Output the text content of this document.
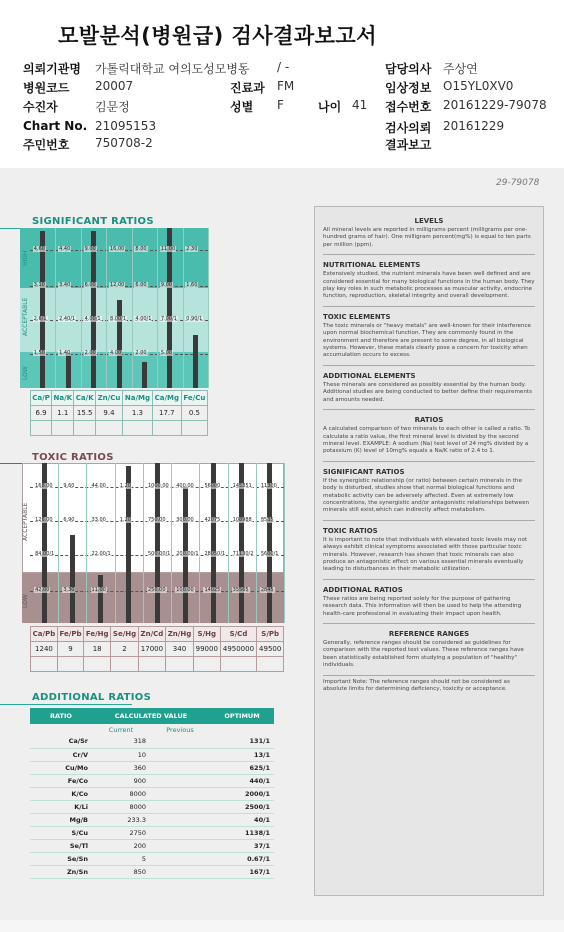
모발분석(병원급) 검사결과보고서
의뢰기관명 가톨릭대학교 여의도성모병동 / -	담당의사 주상연
병원코드 20007	진료과 FM	임상정보 O15YL0XV0
수진자	김문정	성별 F	나이 41 접수번호 20161229-79078
Chart No. 21095153	검사의뢰 20161229
주민번호 750708-2	결과보고
29-79078
SIGNIFICANT RATIOS
HIGH
ACCEPTABLE
LOW
4.60
3.10
2.6/1
1.50
4.40
3.40
2.40/1
1.40
9.00
6.00
4.00/1
2.00
16.00
12.00
8.00/1
4.00
8.00
6.00
4.00/1
2.00
11.00
9.00
7.00/1
5.00
2.30
1.60
0.90/1
Ca/P	Na/K	Ca/K	Zn/Cu	Na/Mg	Ca/Mg	Fe/Cu
6.9	1.1	15.5	9.4	1.3	17.7	0.5

TOXIC RATIOS
ACCEPTABLE
LOW
168.00
126.00
84.00/1
42.00
9.60
6.90
3.30
44.00
33.00
22.00/1
11.00
1.20
1.20
1000.00
750.00
500.00/1
250.00
400.00
300.00
200.00/1
100.00
56000
42075
28050/1
14025
145351
108988
71130/2
35565
11300
8535
5600/1
2845
Ca/Pb	Fe/Pb	Fe/Hg	Se/Hg	Zn/Cd	Zn/Hg	S/Hg	S/Cd	S/Pb
1240	9	18	2	17000	340	99000	4950000	49500

ADDITIONAL RATIOS
RATIO	CALCULATED VALUE		OPTIMUM
	Current	Previous	
Ca/Sr	318		131/1
Cr/V	10		13/1
Cu/Mo	360		625/1
Fe/Co	900		440/1
K/Co	8000		2000/1
K/Li	8000		2500/1
Mg/B	233.3		40/1
S/Cu	2750		1138/1
Se/Tl	200		37/1
Se/Sn	5		0.67/1
Zn/Sn	850		167/1
LEVELS
All mineral levels are reported in milligrams percent (milligrams per one-hundred grams of hair). One milligram percent(mg%) is equal to ten parts per million (ppm).
NUTRITIONAL ELEMENTS
Extensively studied, the nutrient minerals have been well defined and are considered essential for many biological functions in the human body. They play key roles in such metabolic processes as muscular activity, endocrine function, reproduction, skeletal integrity and overall development.
TOXIC ELEMENTS
The toxic minerals or "heavy metals" are well-known for their interference upon normal biochemical function. They are commonly found in the environment and therefore are present to some degree, in all biological systems. However, these metals clearly pose a concern for toxicity when accumulation occurs to excess.
ADDITIONAL ELEMENTS
These minerals are considered as possibly essential by the human body. Additional studies are being conducted to better define their requirements and amounts needed.
RATIOS
A calculated comparison of two minerals to each other is called a ratio. To calculate a ratio value, the first mineral level is divided by the second mineral level. EXAMPLE: A sodium (Na) test level of 24 mg% divided by a potassium (K) level of 10mg% equals a Na/K ratio of 2.4 to 1.
SIGNIFICANT RATIOS
If the synergistic relationship (or ratio) between certain minerals in the body is disturbed, studies show that normal biological functions and metabolic activity can be adversely affected. Even at extremely low concentrations, the synergistic and/or antagonistic relationships between minerals still exist,which can indirectly affect metabolism.
TOXIC RATIOS
It is important to note that individuals with elevated toxic levels may not always exhibit clinical symptoms associated with those particular toxic minerals. However, research has shown that toxic minerals can also produce an antagonistic effect on various essential minerals eventually leading to disturbances in their metabolic utilization.
ADDITIONAL RATIOS
These ratios are being reported solely for the purpose of gathering research data. This information will then be used to help the attending health-care professional in evaluating their impact upon health.
REFERENCE RANGES
Generally, reference ranges should be considered as guidelines for comparison with the reported test values. These reference ranges have been statistically established form studying a population of "healthy" individuals.
Important Note: The reference ranges should not be considered as absolute limits for determining deficiency, toxicity or acceptance.
